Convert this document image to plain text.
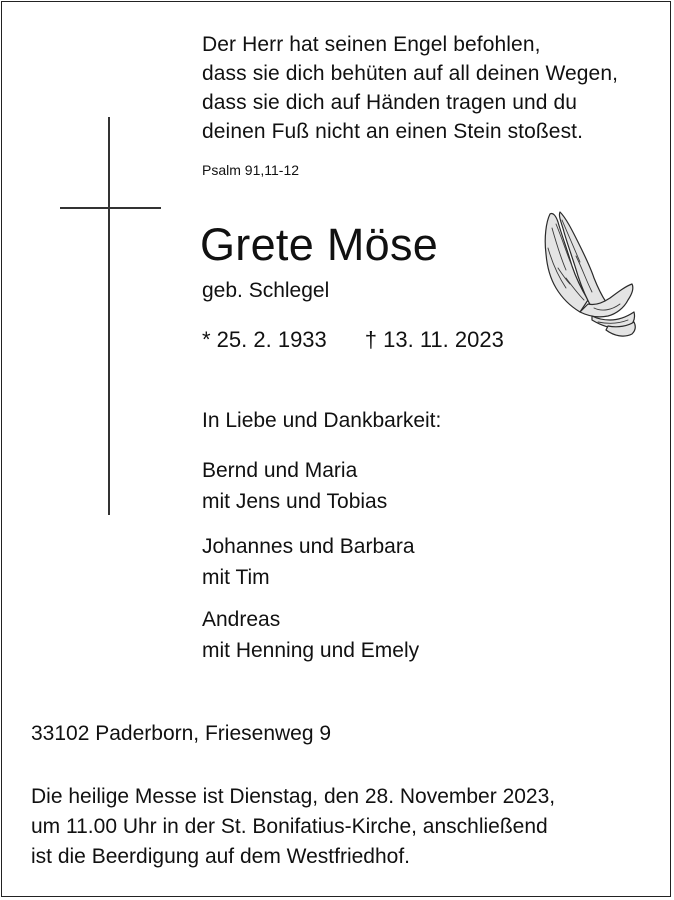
Der Herr hat seinen Engel befohlen,
dass sie dich behüten auf all deinen Wegen,
dass sie dich auf Händen tragen und du
deinen Fuß nicht an einen Stein stoßest.
Psalm 91,11-12
Grete Möse
geb. Schlegel
* 25. 2. 1933 † 13. 11. 2023
In Liebe und Dankbarkeit:
Bernd und Maria
mit Jens und Tobias
Johannes und Barbara
mit Tim
Andreas
mit Henning und Emely
33102 Paderborn, Friesenweg 9
Die heilige Messe ist Dienstag, den 28. November 2023,
um 11.00 Uhr in der St. Bonifatius-Kirche, anschließend
ist die Beerdigung auf dem Westfriedhof.
